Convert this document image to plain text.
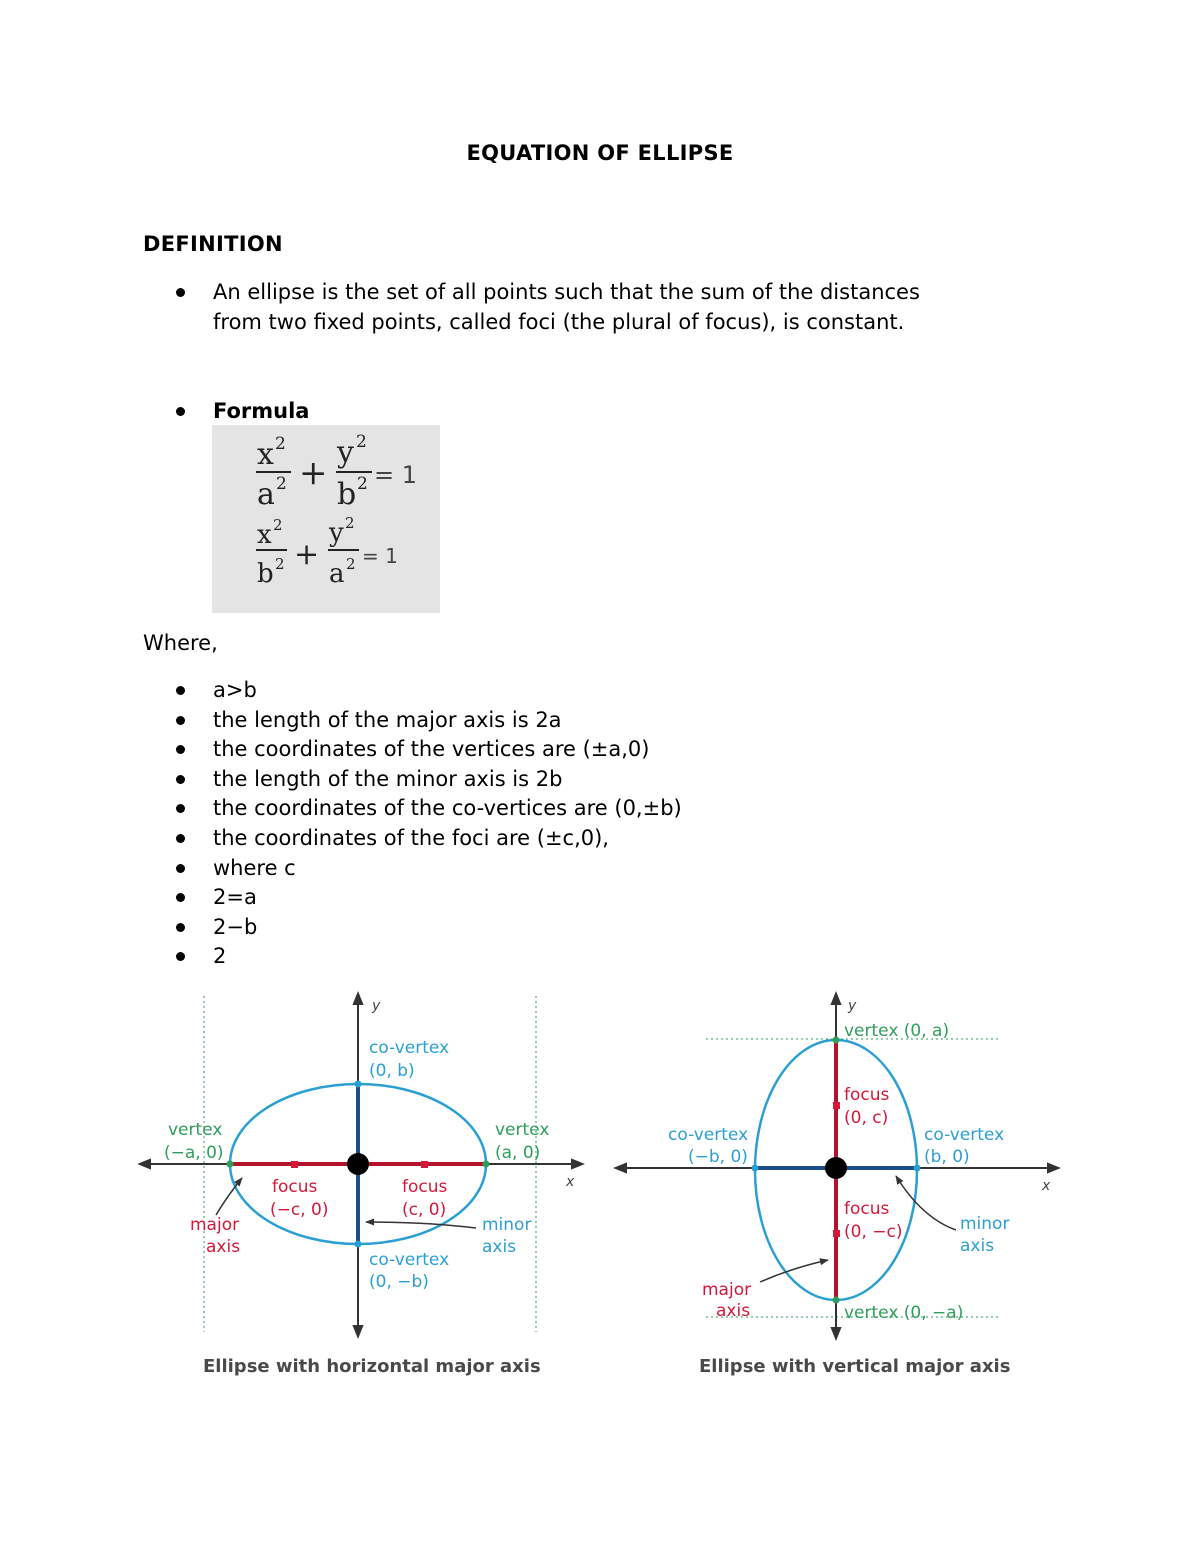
EQUATION OF ELLIPSE
DEFINITION
An ellipse is the set of all points such that the sum of the distances
from two fixed points, called foci (the plural of focus), is constant.
Formula
x 2
a 2 +
y 2
b 2 = 1
x 2
b 2 +
y 2
a 2 = 1
Where,
a>b
the length of the major axis is 2a
the coordinates of the vertices are (±a,0)
the length of the minor axis is 2b
the coordinates of the co-vertices are (0,±b)
the coordinates of the foci are (±c,0),
where c
2=a
2−b
2
y
x
co-vertex
(0, b)
vertex
(−a, 0)
vertex
(a, 0)
focus
(−c, 0)
focus
(c, 0)
major
axis
minor
axis
co-vertex
(0, −b)
Ellipse with horizontal major axis
y
x
vertex (0, a)
focus
(0, c)
co-vertex
(−b, 0)
co-vertex
(b, 0)
focus
(0, −c)	minor
axis
major
axis	vertex (0, −a)
Ellipse with vertical major axis
